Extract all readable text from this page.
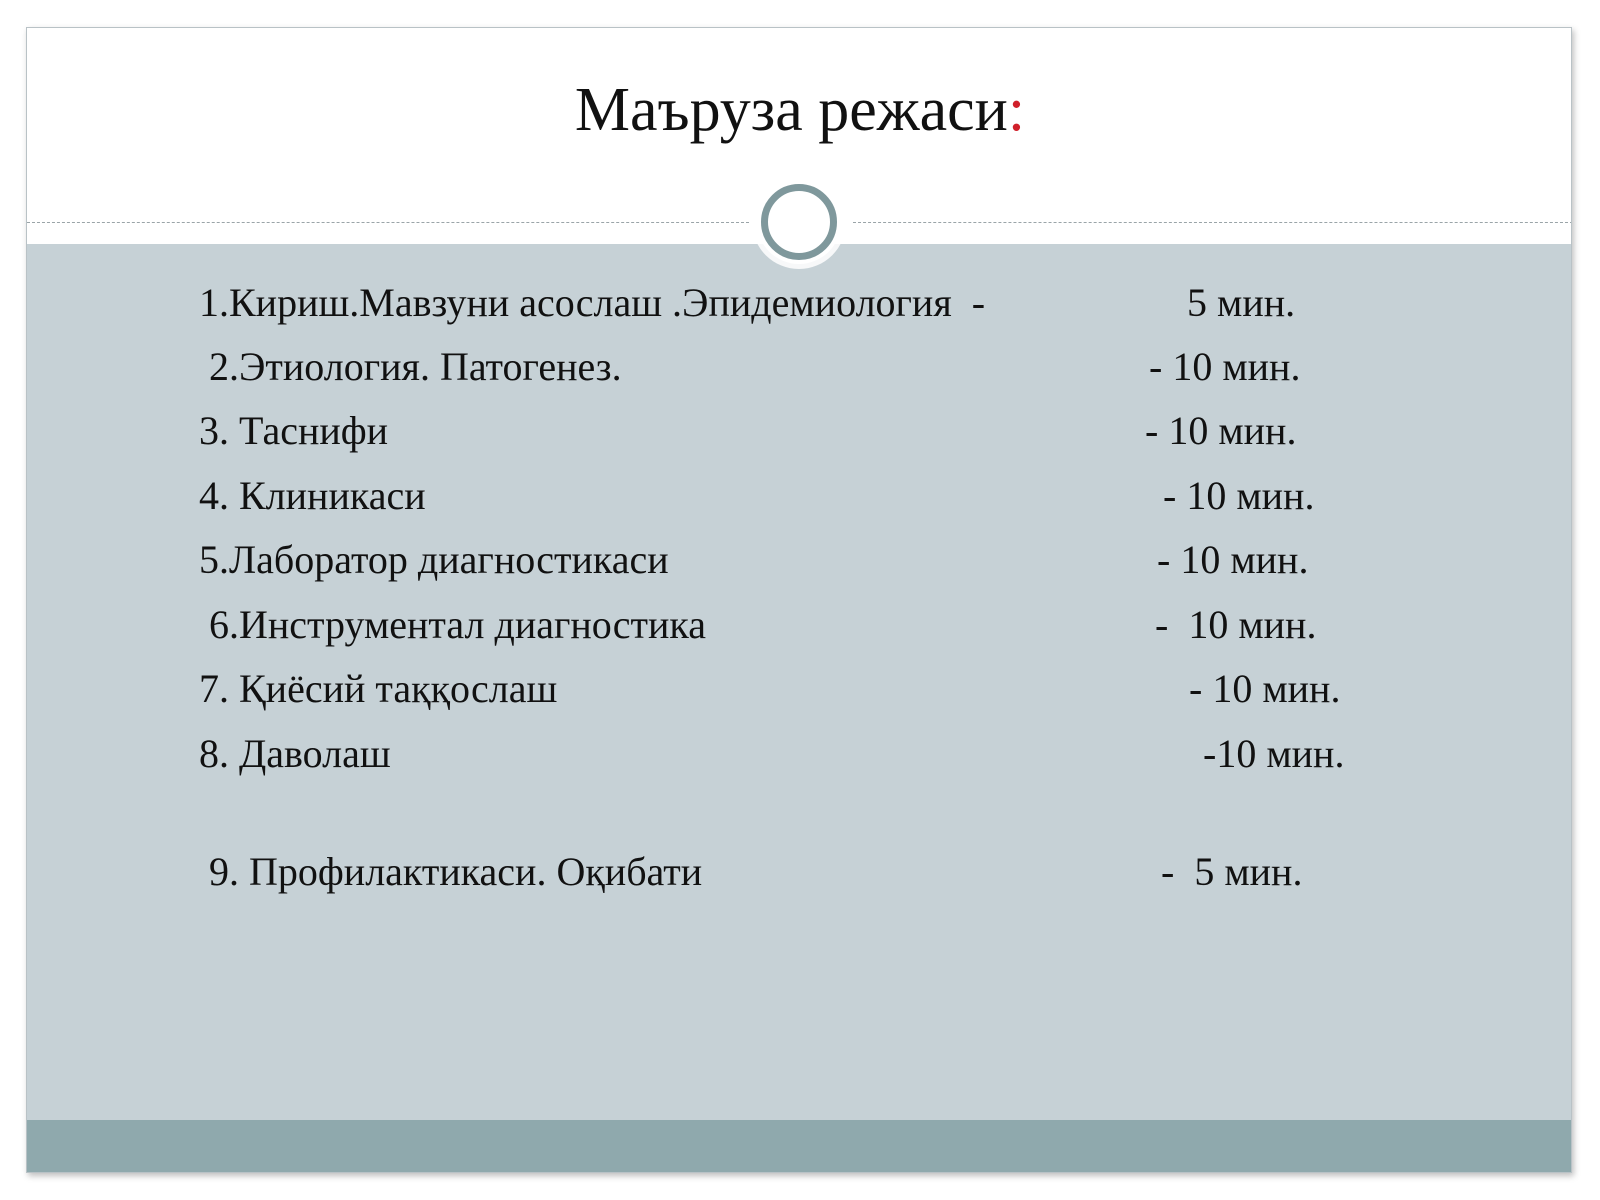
Маъруза режаси:
1.Кириш.Мавзуни асослаш .Эпидемиология  -	5 мин.
2.Этиология. Патогенез.	- 10 мин.
3. Таснифи	- 10 мин.
4. Клиникаси	- 10 мин.
5.Лаборатор диагностикаси	- 10 мин.
6.Инструментал диагностика	-  10 мин.
7. Қиёсий таққослаш	- 10 мин.
8. Даволаш	-10 мин.
9. Профилактикаси. Оқибати	-  5 мин.
